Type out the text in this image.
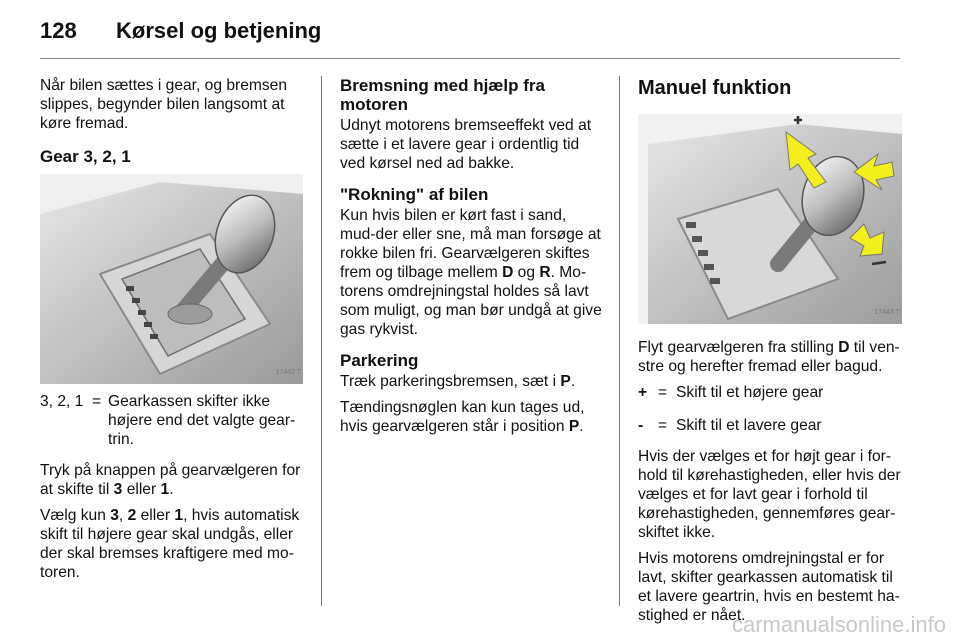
128 Kørsel og betjening

Når bilen sættes i gear, og bremsen slippes, begynder bilen langsomt at køre fremad.

Gear 3, 2, 1
17442 T
3, 2, 1 = Gearkassen skifter ikke højere end det valgte gear-trin.

Tryk på knappen på gearvælgeren for at skifte til 3 eller 1.

Vælg kun 3, 2 eller 1, hvis automatisk skift til højere gear skal undgås, eller der skal bremses kraftigere med mo-toren.

Bremsning med hjælp fra motoren

Udnyt motorens bremseeffekt ved at sætte i et lavere gear i ordentlig tid ved kørsel ned ad bakke.

"Rokning" af bilen

Kun hvis bilen er kørt fast i sand, mud-der eller sne, må man forsøge at rokke bilen fri. Gearvælgeren skiftes frem og tilbage mellem D og R. Mo-torens omdrejningstal holdes så lavt som muligt, og man bør undgå at give gas rykvist.

Parkering

Træk parkeringsbremsen, sæt i P.

Tændingsnøglen kan kun tages ud, hvis gearvælgeren står i position P.

Manuel funktion
17443 T

Flyt gearvælgeren fra stilling D til ven-stre og herefter fremad eller bagud.

+ = Skift til et højere gear
- = Skift til et lavere gear

Hvis der vælges et for højt gear i for-hold til kørehastigheden, eller hvis der vælges et for lavt gear i forhold til kørehastigheden, gennemføres gear-skiftet ikke.

Hvis motorens omdrejningstal er for lavt, skifter gearkassen automatisk til et lavere geartrin, hvis en bestemt ha-stighed er nået.

carmanualsonline.info
